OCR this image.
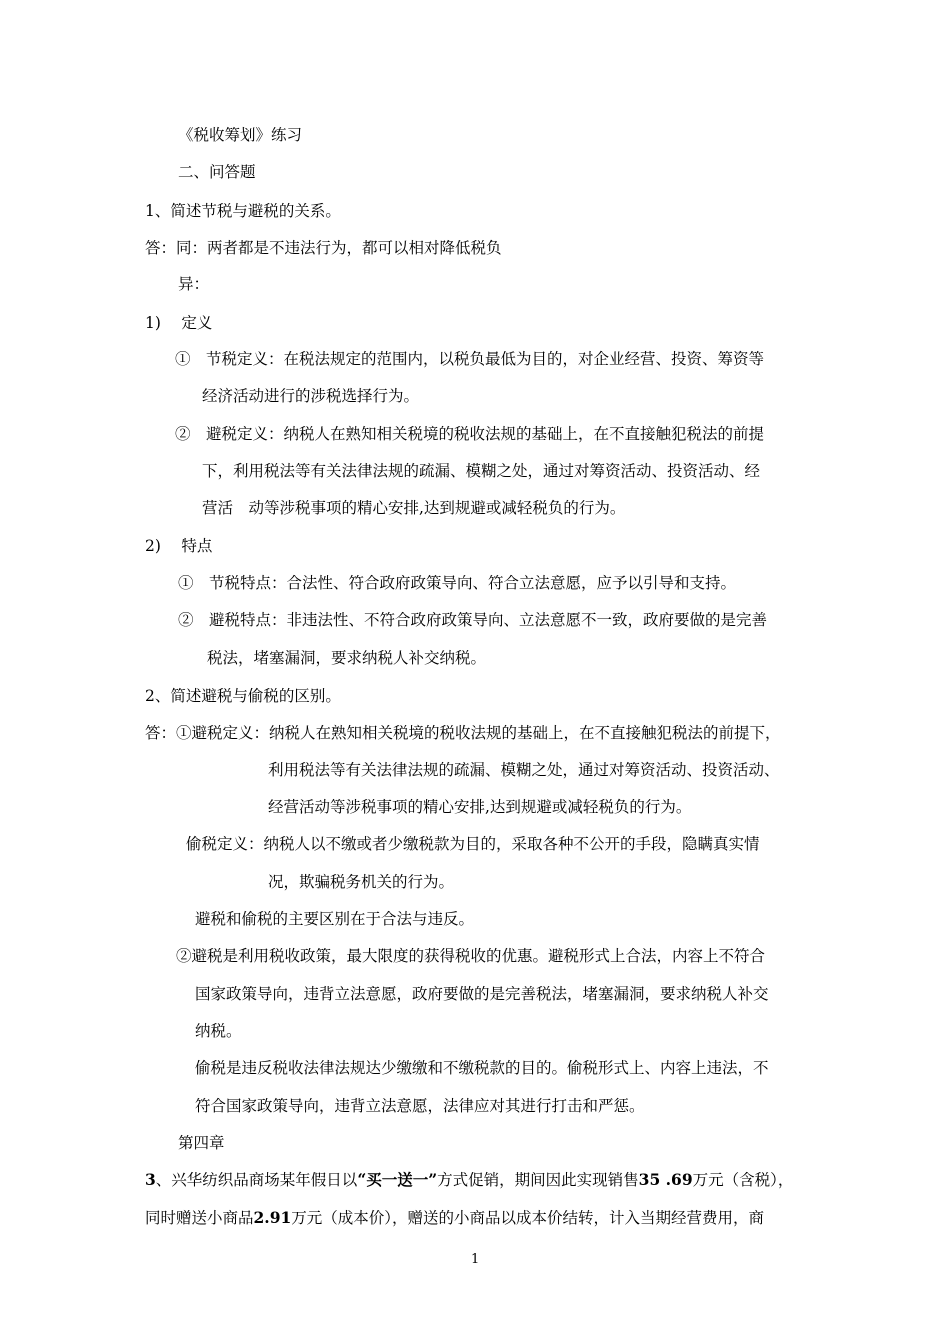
《税收筹划》练习
二、问答题
1、简述节税与避税的关系。
答：同：两者都是不违法行为，都可以相对降低税负
异：
1)　 定义
①　节税定义：在税法规定的范围内，以税负最低为目的，对企业经营、投资、筹资等
经济活动进行的涉税选择行为。
②　避税定义：纳税人在熟知相关税境的税收法规的基础上，在不直接触犯税法的前提
下，利用税法等有关法律法规的疏漏、模糊之处，通过对筹资活动、投资活动、经
营活　动等涉税事项的精心安排,达到规避或减轻税负的行为。
2)　 特点
①　节税特点：合法性、符合政府政策导向、符合立法意愿，应予以引导和支持。
②　避税特点：非违法性、不符合政府政策导向、立法意愿不一致，政府要做的是完善
税法，堵塞漏洞，要求纳税人补交纳税。
2、简述避税与偷税的区别。
答：①避税定义：纳税人在熟知相关税境的税收法规的基础上，在不直接触犯税法的前提下，
利用税法等有关法律法规的疏漏、模糊之处，通过对筹资活动、投资活动、
经营活动等涉税事项的精心安排,达到规避或减轻税负的行为。
偷税定义：纳税人以不缴或者少缴税款为目的，采取各种不公开的手段，隐瞒真实情
况，欺骗税务机关的行为。
避税和偷税的主要区别在于合法与违反。
②避税是利用税收政策，最大限度的获得税收的优惠。避税形式上合法，内容上不符合
国家政策导向，违背立法意愿，政府要做的是完善税法，堵塞漏洞，要求纳税人补交
纳税。
偷税是违反税收法律法规达少缴缴和不缴税款的目的。偷税形式上、内容上违法，不
符合国家政策导向，违背立法意愿，法律应对其进行打击和严惩。
第四章
3、兴华纺织品商场某年假日以“买一送一”方式促销，期间因此实现销售35 .69万元（含税），
同时赠送小商品2.91万元（成本价），赠送的小商品以成本价结转，计入当期经营费用，商
1
